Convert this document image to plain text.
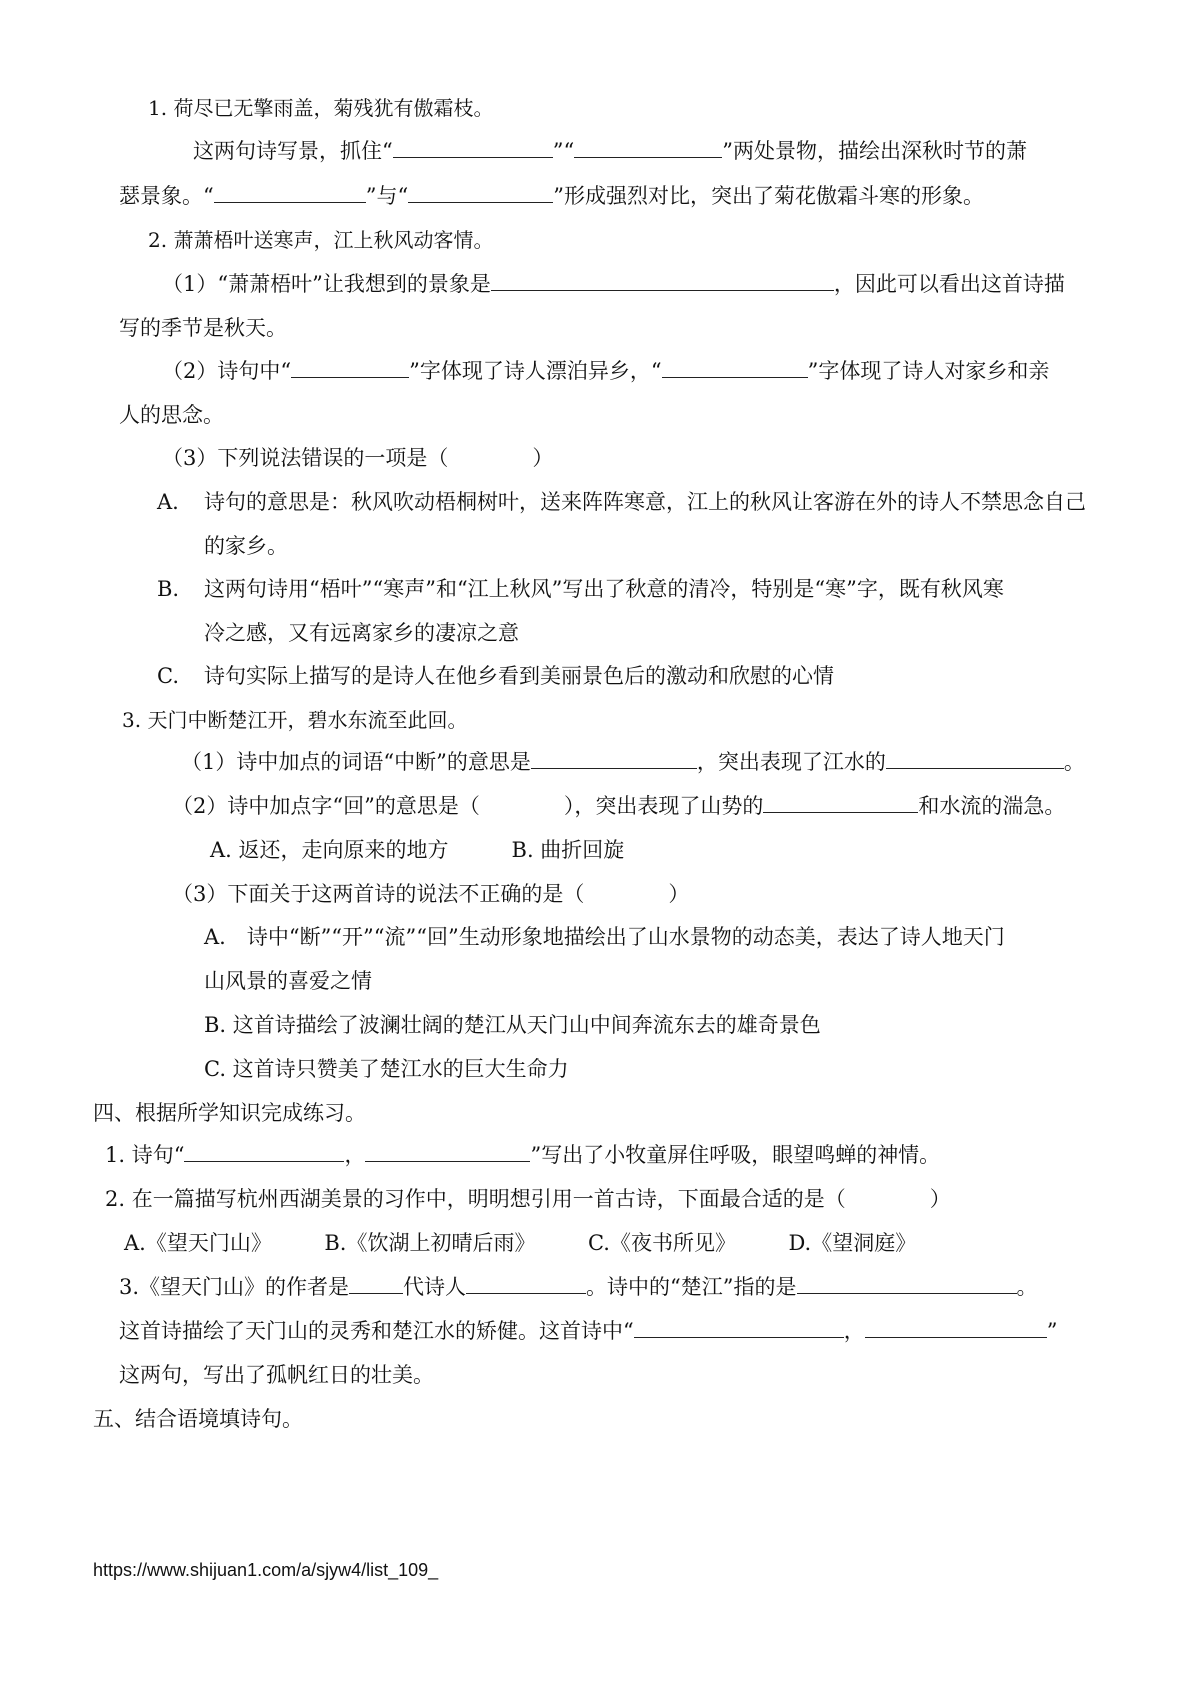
1. 荷尽已无擎雨盖，菊残犹有傲霜枝。
这两句诗写景，抓住“	”“	”两处景物，描绘出深秋时节的萧
瑟景象。“	”与“	”形成强烈对比，突出了菊花傲霜斗寒的形象。
2. 萧萧梧叶送寒声，江上秋风动客情。
（1）“萧萧梧叶”让我想到的景象是	，因此可以看出这首诗描
写的季节是秋天。
（2）诗句中“	”字体现了诗人漂泊异乡，“	”字体现了诗人对家乡和亲
人的思念。
（3）下列说法错误的一项是（　　　　）
A. 诗句的意思是：秋风吹动梧桐树叶，送来阵阵寒意，江上的秋风让客游在外的诗人不禁思念自己
的家乡。
B. 这两句诗用“梧叶”“寒声”和“江上秋风”写出了秋意的清冷，特别是“寒”字，既有秋风寒
冷之感，又有远离家乡的凄凉之意
C. 诗句实际上描写的是诗人在他乡看到美丽景色后的激动和欣慰的心情
3. 天门中断楚江开，碧水东流至此回。
（1）诗中加点的词语“中断”的意思是	，突出表现了江水的	。
（2）诗中加点字“回”的意思是（　　　　），突出表现了山势的	和水流的湍急。
A. 返还，走向原来的地方　　　B. 曲折回旋
（3）下面关于这两首诗的说法不正确的是（　　　　）
A.　诗中“断”“开”“流”“回”生动形象地描绘出了山水景物的动态美，表达了诗人地天门
山风景的喜爱之情
B. 这首诗描绘了波澜壮阔的楚江从天门山中间奔流东去的雄奇景色
C. 这首诗只赞美了楚江水的巨大生命力
四、根据所学知识完成练习。
1. 诗句“	，	”写出了小牧童屏住呼吸，眼望鸣蝉的神情。
2. 在一篇描写杭州西湖美景的习作中，明明想引用一首古诗，下面最合适的是（　　　　）
A.《望天门山》　　　B.《饮湖上初晴后雨》　　　C.《夜书所见》　　　D.《望洞庭》
3.《望天门山》的作者是	代诗人	。诗中的“楚江”指的是	。
这首诗描绘了天门山的灵秀和楚江水的矫健。这首诗中“	，	”
这两句，写出了孤帆红日的壮美。
五、结合语境填诗句。
https://www.shijuan1.com/a/sjyw4/list_109_
